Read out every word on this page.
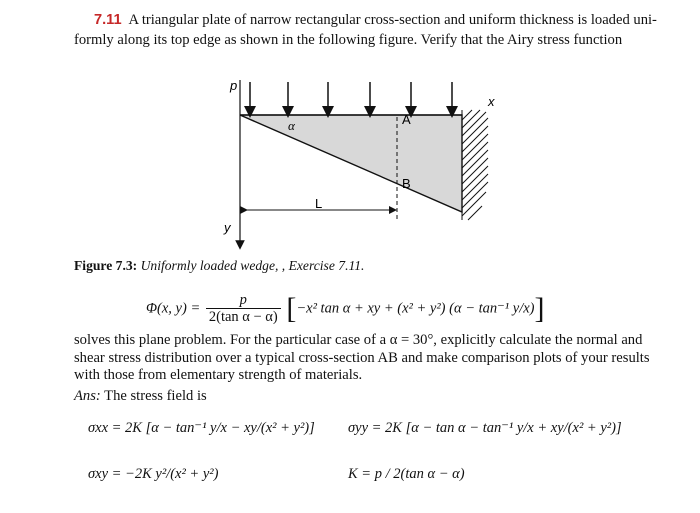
7.11 A triangular plate of narrow rectangular cross-section and uniform thickness is loaded uni-
formly along its top edge as shown in the following figure. Verify that the Airy stress function
p
x
y
α	A
B
L
Figure 7.3: Uniformly loaded wedge, , Exercise 7.11.
Φ(x, $y) = \frac{p}{\text{2(tan α − α)}} [-x^2$ tan α + xy + (x² + y²) (α − tan⁻¹ y/x)]
solves this plane problem. For the particular case of a α = 30°, explicitly calculate the normal and
shear stress distribution over a typical cross-section AB and make comparison plots of your results
with those from elementary strength of materials.
Ans: The stress field is
σxx = 2K [α − tan⁻¹ y/x − xy/(x² + y²)] σyy = 2K [α − tan α − tan⁻¹ y/x + xy/(x² + y²)]
σxy = −2K y²/(x² + y²)	K = p / 2(tan α − α)
